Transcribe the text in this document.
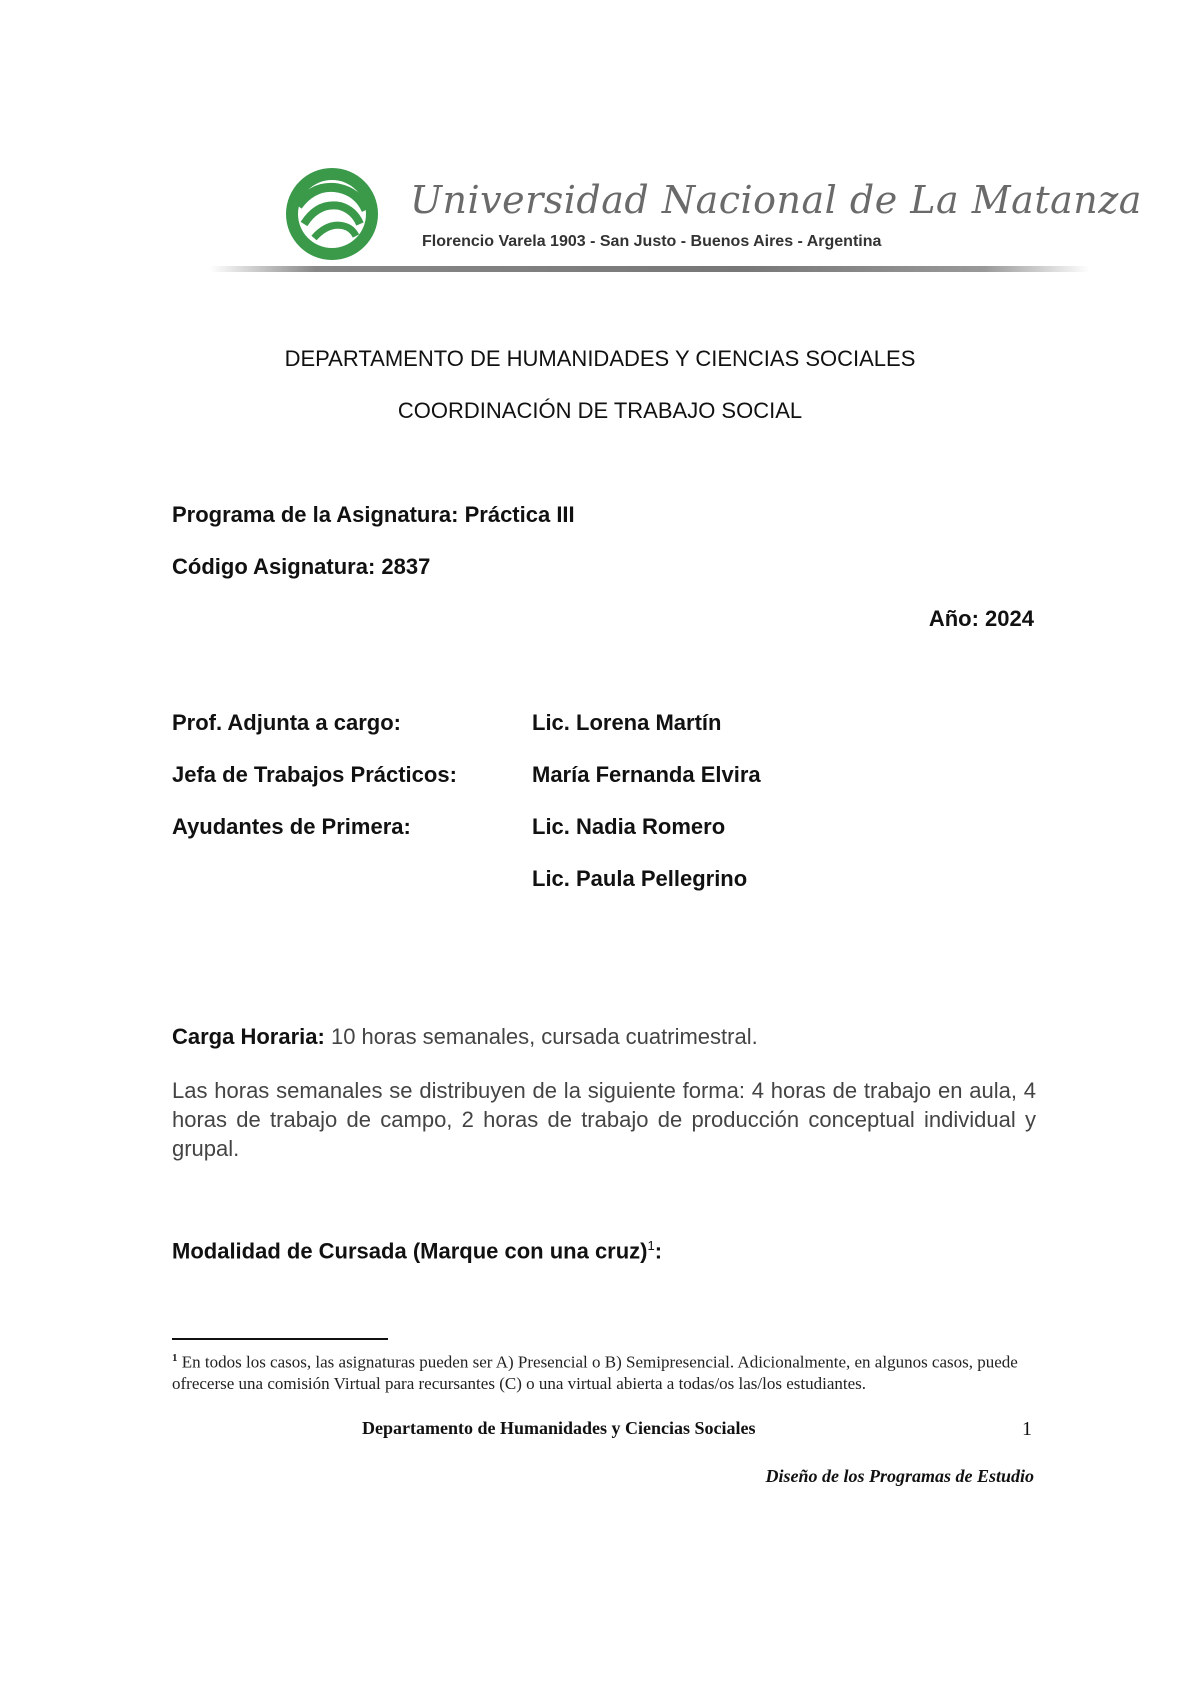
Universidad Nacional de La Matanza
Florencio Varela 1903 - San Justo - Buenos Aires - Argentina
DEPARTAMENTO DE HUMANIDADES Y CIENCIAS SOCIALES
COORDINACIÓN DE TRABAJO SOCIAL
Programa de la Asignatura: Práctica III
Código Asignatura: 2837
Año: 2024
Prof. Adjunta a cargo:	Lic. Lorena Martín
Jefa de Trabajos Prácticos:	María Fernanda Elvira
Ayudantes de Primera:	Lic. Nadia Romero
Lic. Paula Pellegrino
Carga Horaria: 10 horas semanales, cursada cuatrimestral.
Las horas semanales se distribuyen de la siguiente forma: 4 horas de trabajo en aula, 4 horas de trabajo de campo, 2 horas de trabajo de producción conceptual individual y grupal.
Modalidad de Cursada (Marque con una cruz)$^1$:
$^1$ En todos los casos, las asignaturas pueden ser A) Presencial o B) Semipresencial. Adicionalmente, en algunos casos, puede ofrecerse una comisión Virtual para recursantes (C) o una virtual abierta a todas/os las/los estudiantes.
Departamento de Humanidades y Ciencias Sociales	1
Diseño de los Programas de Estudio
